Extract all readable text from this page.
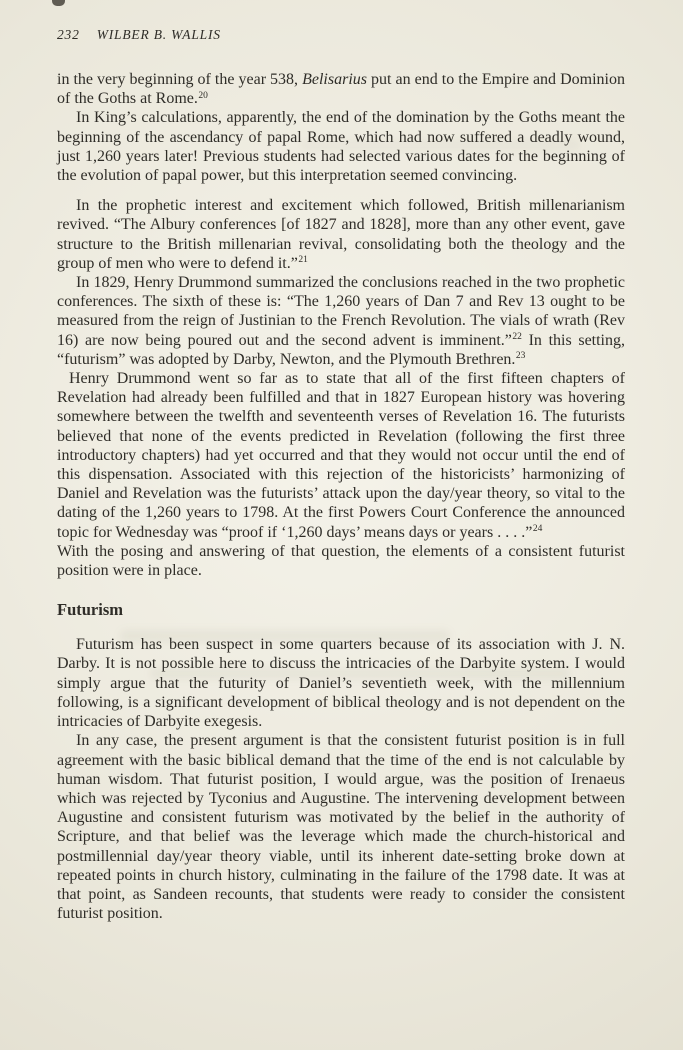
232 WILBER B. WALLIS

in the very beginning of the year 538, Belisarius put an end to the Empire and Dominion of the Goths at Rome.$^{20}$

In King’s calculations, apparently, the end of the domination by the Goths meant the beginning of the ascendancy of papal Rome, which had now suffered a deadly wound, just 1,260 years later! Previous students had selected various dates for the beginning of the evolution of papal power, but this interpretation seemed convincing.

In the prophetic interest and excitement which followed, British millenarianism revived. “The Albury conferences [of 1827 and 1828], more than any other event, gave structure to the British millenarian revival, consolidating both the theology and the group of men who were to defend it.”$^{21}$

In 1829, Henry Drummond summarized the conclusions reached in the two prophetic conferences. The sixth of these is: “The 1,260 years of Dan 7 and Rev 13 ought to be measured from the reign of Justinian to the French Revolution. The vials of wrath (Rev 16) are now being poured out and the second advent is imminent.”$^{22}$ In this setting, “futurism” was adopted by Darby, Newton, and the Plymouth Brethren.$^{23}$

Henry Drummond went so far as to state that all of the first fifteen chapters of Revelation had already been fulfilled and that in 1827 European history was hovering somewhere between the twelfth and seventeenth verses of Revelation 16. The futurists believed that none of the events predicted in Revelation (following the first three introductory chapters) had yet occurred and that they would not occur until the end of this dispensation. Associated with this rejection of the historicists’ harmonizing of Daniel and Revelation was the futurists’ attack upon the day/year theory, so vital to the dating of the 1,260 years to 1798. At the first Powers Court Conference the announced topic for Wednesday was “proof if ‘1,260 days’ means days or years . . . .”$^{24}$

With the posing and answering of that question, the elements of a consistent futurist position were in place.

Futurism

Futurism has been suspect in some quarters because of its association with J. N. Darby. It is not possible here to discuss the intricacies of the Darbyite system. I would simply argue that the futurity of Daniel’s seventieth week, with the millennium following, is a significant development of biblical theology and is not dependent on the intricacies of Darbyite exegesis.

In any case, the present argument is that the consistent futurist position is in full agreement with the basic biblical demand that the time of the end is not calculable by human wisdom. That futurist position, I would argue, was the position of Irenaeus which was rejected by Tyconius and Augustine. The intervening development between Augustine and consistent futurism was motivated by the belief in the authority of Scripture, and that belief was the leverage which made the church-historical and postmillennial day/year theory viable, until its inherent date-setting broke down at repeated points in church history, culminating in the failure of the 1798 date. It was at that point, as Sandeen recounts, that students were ready to consider the consistent futurist position.
